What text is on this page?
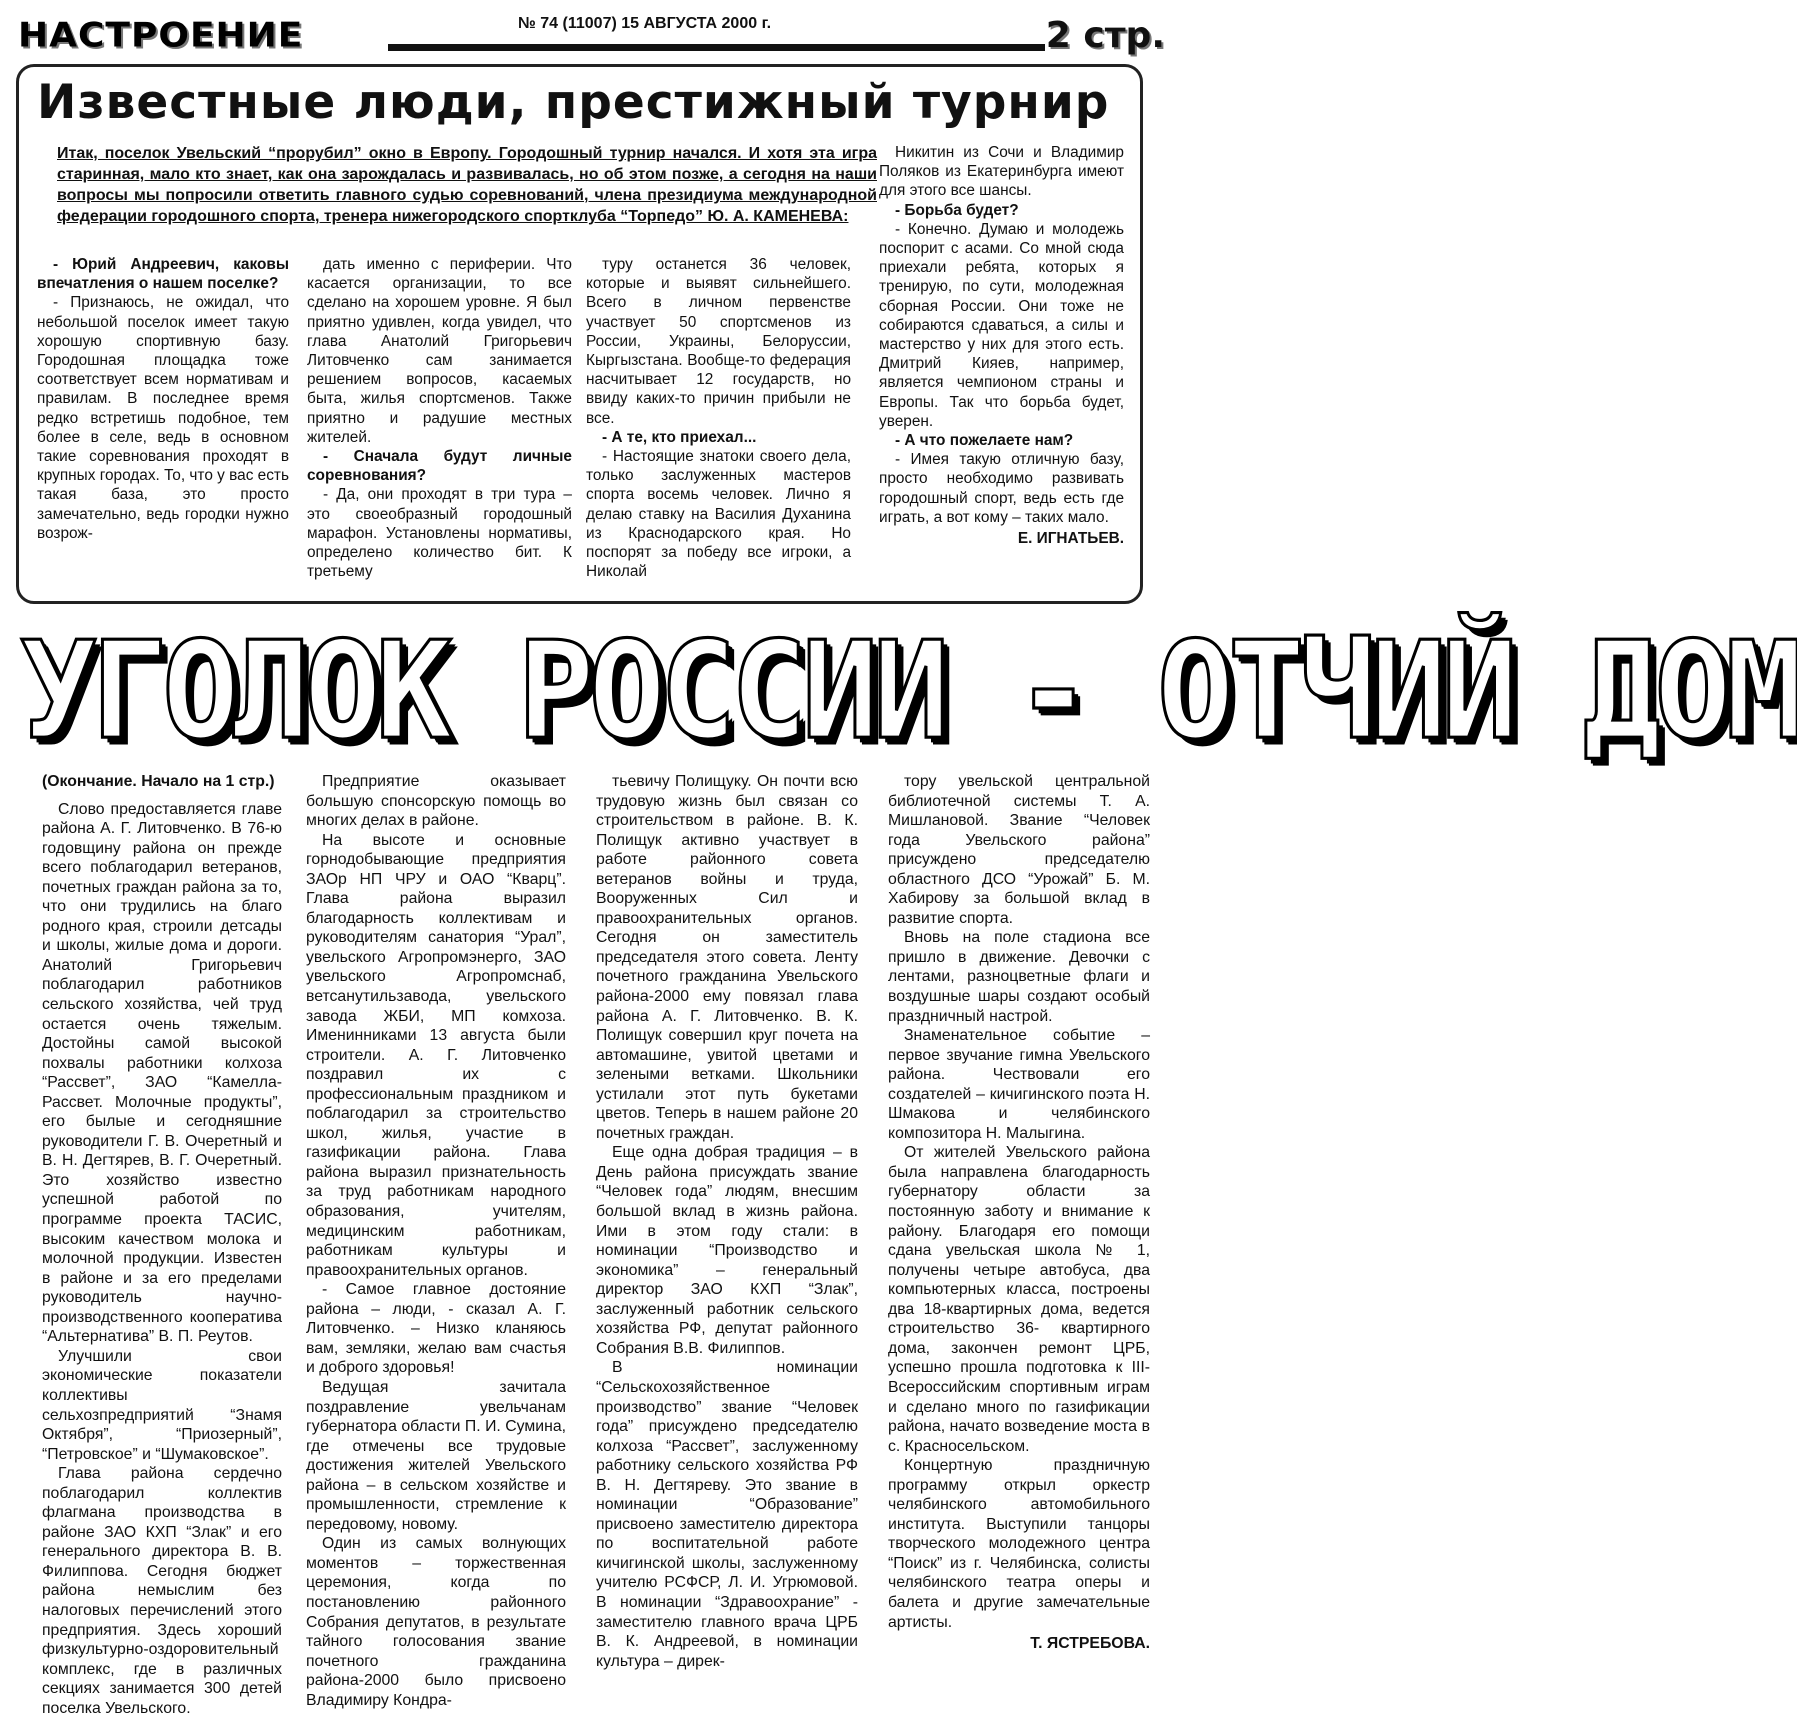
НАСТРОЕНИЕ	№ 74 (11007) 15 АВГУСТА 2000 г.	2 стр.
Известные люди, престижный турнир
Итак, поселок Увельский “прорубил” окно в Европу. Городошный турнир начался. И хотя эта игра старинная, мало кто знает, как она зарождалась и развивалась, но об этом позже, а сегодня на наши вопросы мы попросили ответить главного судью соревнований, члена президиума международной федерации городошного спорта, тренера нижегородского спортклуба “Торпедо” Ю. А. КАМЕНЕВА:

- Юрий Андреевич, каковы впечатления о нашем поселке?

- Признаюсь, не ожидал, что небольшой поселок имеет такую хорошую спортивную базу. Городошная площадка тоже соответствует всем нормативам и правилам. В последнее время редко встретишь подобное, тем более в селе, ведь в основном такие соревнования проходят в крупных городах. То, что у вас есть такая база, это просто замечательно, ведь городки нужно возрож-

дать именно с периферии. Что касается организации, то все сделано на хорошем уровне. Я был приятно удивлен, когда увидел, что глава Анатолий Григорьевич Литовченко сам занимается решением вопросов, касаемых быта, жилья спортсменов. Также приятно и радушие местных жителей.

- Сначала будут личные соревнования?

- Да, они проходят в три тура – это своеобразный городошный марафон. Установлены нормативы, определено количество бит. К третьему

туру останется 36 человек, которые и выявят сильнейшего. Всего в личном первенстве участвует 50 спортсменов из России, Украины, Белоруссии, Кыргызстана. Вообще-то федерация насчитывает 12 государств, но ввиду каких-то причин прибыли не все.

- А те, кто приехал...

- Настоящие знатоки своего дела, только заслуженных мастеров спорта восемь человек. Лично я делаю ставку на Василия Духанина из Краснодарского края. Но поспорят за победу все игроки, а Николай

Никитин из Сочи и Владимир Поляков из Екатеринбурга имеют для этого все шансы.

- Борьба будет?

- Конечно. Думаю и молодежь поспорит с асами. Со мной сюда приехали ребята, которых я тренирую, по сути, молодежная сборная России. Они тоже не собираются сдаваться, а силы и мастерство у них для этого есть. Дмитрий Кияев, например, является чемпионом страны и Европы. Так что борьба будет, уверен.

- А что пожелаете нам?

- Имея такую отличную базу, просто необходимо развивать городошный спорт, ведь есть где играть, а вот кому – таких мало.

Е. ИГНАТЬЕВ.

УГОЛОК РОССИИ - ОТЧИЙ ДОМ

(Окончание. Начало на 1 стр.)

Слово предоставляется главе района А. Г. Литовченко. В 76-ю годовщину района он прежде всего поблагодарил ветеранов, почетных граждан района за то, что они трудились на благо родного края, строили детсады и школы, жилые дома и дороги. Анатолий Григорьевич поблагодарил работников сельского хозяйства, чей труд остается очень тяжелым. Достойны самой высокой похвалы работники колхоза “Рассвет”, ЗАО “Камелла-Рассвет. Молочные продукты”, его былые и сегодняшние руководители Г. В. Очеретный и В. Н. Дегтярев, В. Г. Очеретный. Это хозяйство известно успешной работой по программе проекта ТАСИС, высоким качеством молока и молочной продукции. Известен в районе и за его пределами руководитель научно-производственного кооператива “Альтернатива” В. П. Реутов.

Улучшили свои экономические показатели коллективы сельхозпредприятий “Знамя Октября”, “Приозерный”, “Петровское” и “Шумаковское”.

Глава района сердечно поблагодарил коллектив флагмана производства в районе ЗАО КХП “Злак” и его генерального директора В. В. Филиппова. Сегодня бюджет района немыслим без налоговых перечислений этого предприятия. Здесь хороший физкультурно-оздоровительный комплекс, где в различных секциях занимается 300 детей поселка Увельского.

Предприятие оказывает большую спонсорскую помощь во многих делах в районе.

На высоте и основные горнодобывающие предприятия ЗАОр НП ЧРУ и ОАО “Кварц”. Глава района выразил благодарность коллективам и руководителям санатория “Урал”, увельского Агропромэнерго, ЗАО увельского Агропромснаб, ветсанутильзавода, увельского завода ЖБИ, МП комхоза. Именинниками 13 августа были строители. А. Г. Литовченко поздравил их с профессиональным праздником и поблагодарил за строительство школ, жилья, участие в газификации района. Глава района выразил признательность за труд работникам народного образования, учителям, медицинским работникам, работникам культуры и правоохранительных органов.

- Самое главное достояние района – люди, - сказал А. Г. Литовченко. – Низко кланяюсь вам, земляки, желаю вам счастья и доброго здоровья!

Ведущая зачитала поздравление увельчанам губернатора области П. И. Сумина, где отмечены все трудовые достижения жителей Увельского района – в сельском хозяйстве и промышленности, стремление к передовому, новому.

Один из самых волнующих моментов – торжественная церемония, когда по постановлению районного Собрания депутатов, в результате тайного голосования звание почетного гражданина района-2000 было присвоено Владимиру Кондра-

тьевичу Полищуку. Он почти всю трудовую жизнь был связан со строительством в районе. В. К. Полищук активно участвует в работе районного совета ветеранов войны и труда, Вооруженных Сил и правоохранительных органов. Сегодня он заместитель председателя этого совета. Ленту почетного гражданина Увельского района-2000 ему повязал глава района А. Г. Литовченко. В. К. Полищук совершил круг почета на автомашине, увитой цветами и зелеными ветками. Школьники устилали этот путь букетами цветов. Теперь в нашем районе 20 почетных граждан.

Еще одна добрая традиция – в День района присуждать звание “Человек года” людям, внесшим большой вклад в жизнь района. Ими в этом году стали: в номинации “Производство и экономика” – генеральный директор ЗАО КХП “Злак”, заслуженный работник сельского хозяйства РФ, депутат районного Собрания В.В. Филиппов.

В номинации “Сельскохозяйственное производство” звание “Человек года” присуждено председателю колхоза “Рассвет”, заслуженному работнику сельского хозяйства РФ В. Н. Дегтяреву. Это звание в номинации “Образование” присвоено заместителю директора по воспитательной работе кичигинской школы, заслуженному учителю РСФСР, Л. И. Угрюмовой. В номинации “Здравоохрание” - заместителю главного врача ЦРБ В. К. Андреевой, в номинации культура – дирек-

тору увельской центральной библиотечной системы Т. А. Мишлановой. Звание “Человек года Увельского района” присуждено председателю областного ДСО “Урожай” Б. М. Хабирову за большой вклад в развитие спорта.

Вновь на поле стадиона все пришло в движение. Девочки с лентами, разноцветные флаги и воздушные шары создают особый праздничный настрой.

Знаменательное событие – первое звучание гимна Увельского района. Чествовали его создателей – кичигинского поэта Н. Шмакова и челябинского композитора Н. Малыгина.

От жителей Увельского района была направлена благодарность губернатору области за постоянную заботу и внимание к району. Благодаря его помощи сдана увельская школа № 1, получены четыре автобуса, два компьютерных класса, построены два 18-квартирных дома, ведется строительство 36- квартирного дома, закончен ремонт ЦРБ, успешно прошла подготовка к III-Всероссийским спортивным играм и сделано много по газификации района, начато возведение моста в с. Красносельском.

Концертную праздничную программу открыл оркестр челябинского автомобильного института. Выступили танцоры творческого молодежного центра “Поиск” из г. Челябинска, солисты челябинского театра оперы и балета и другие замечательные артисты.

Т. ЯСТРЕБОВА.
